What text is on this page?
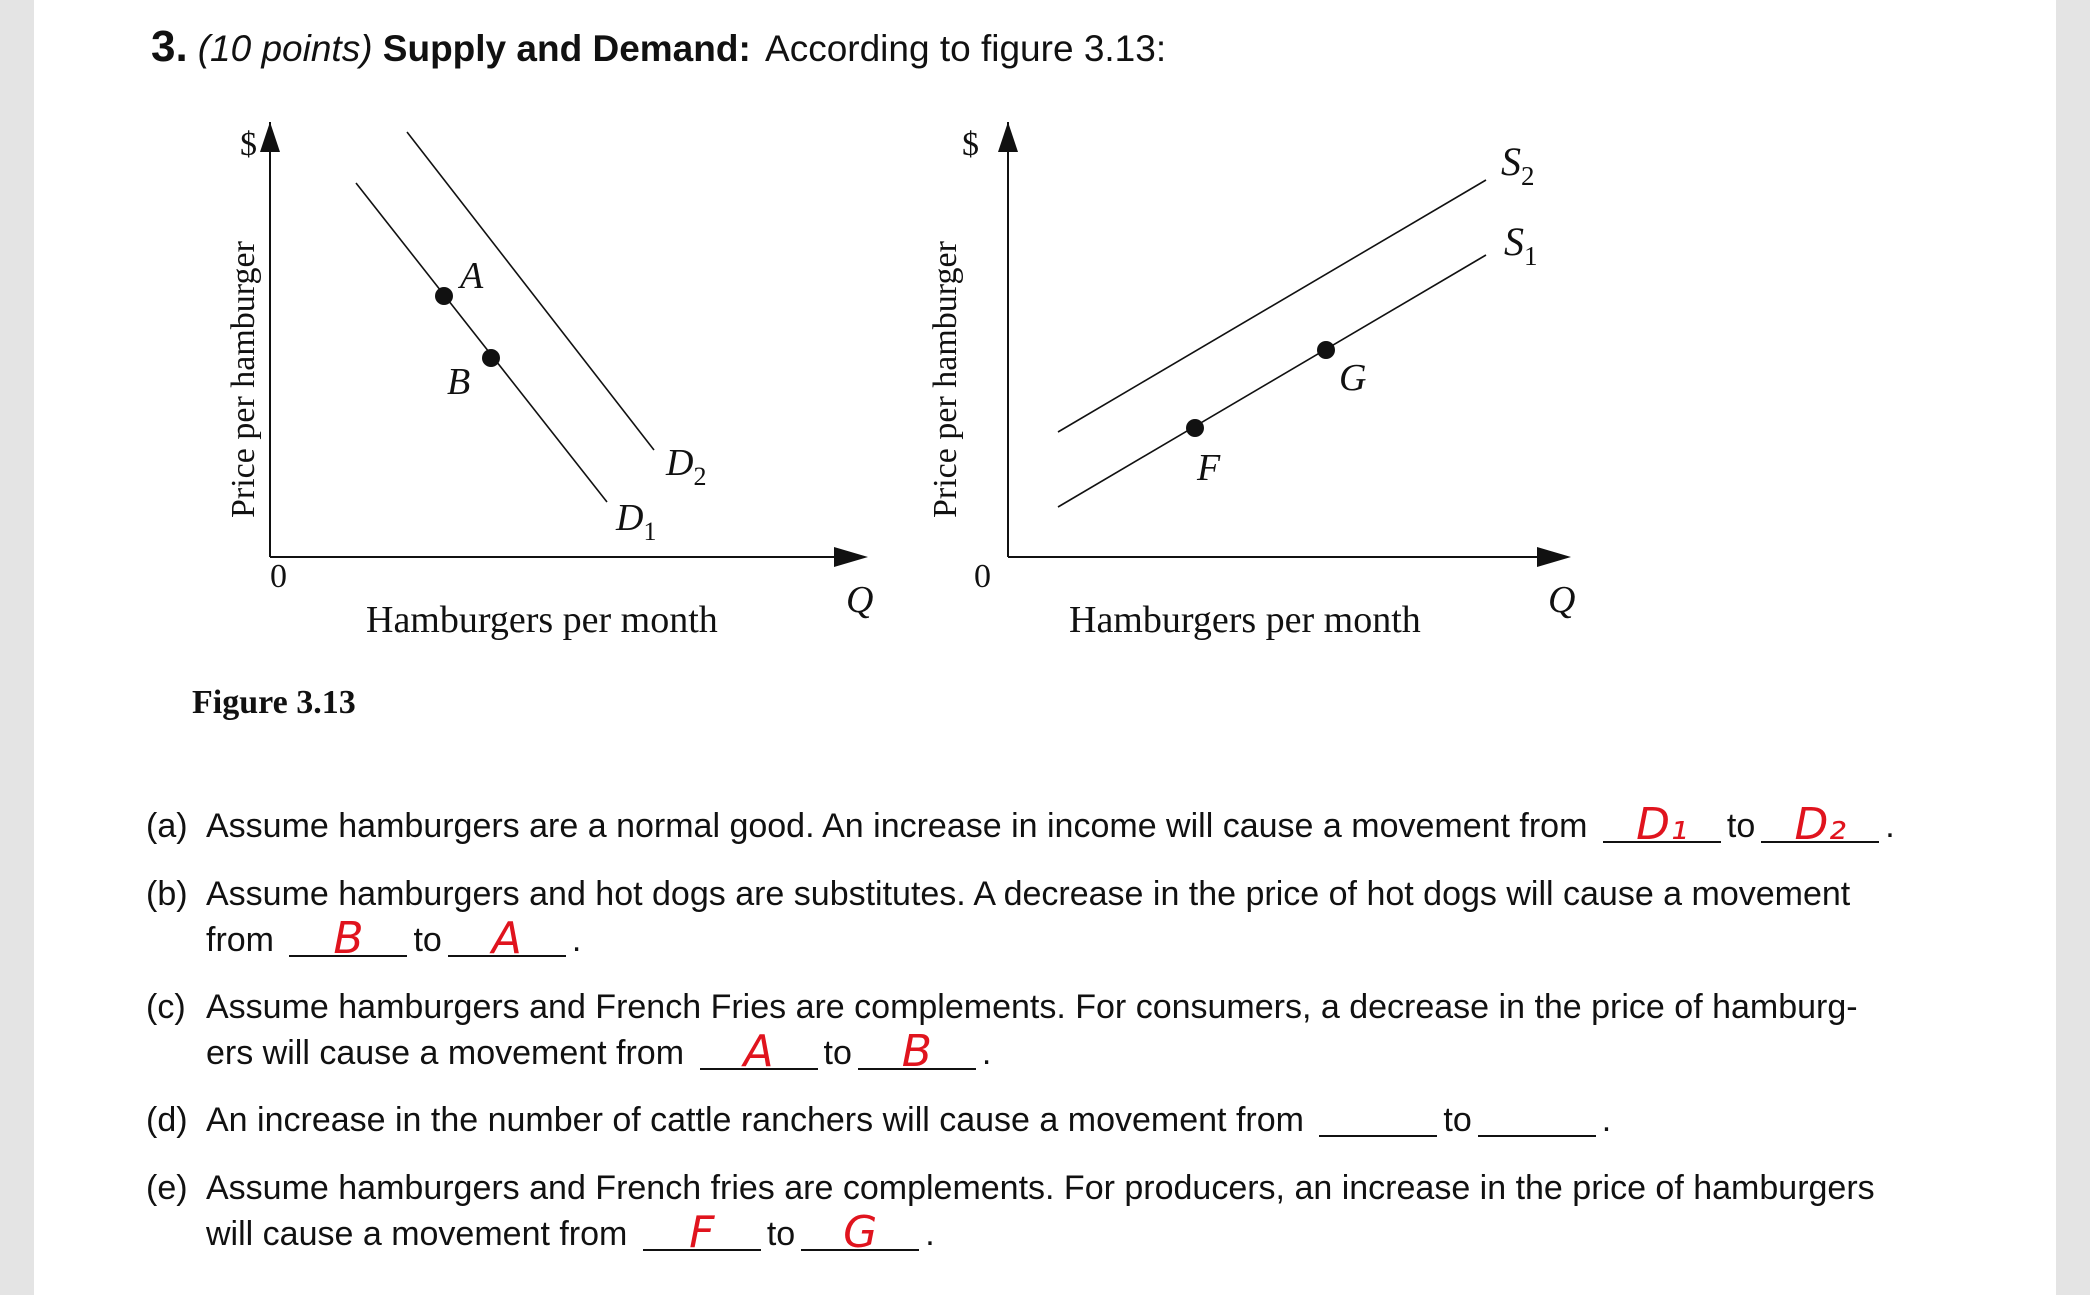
3. (10 points) Supply and Demand: According to figure 3.13:
$
Price per hamburger
0
Hamburgers per month	Q
$D_1$
$D_2$
A
B
$
Price per hamburger
0
Hamburgers per month	Q
$S_2$
$S_1$
F
G
Figure 3.13
(a) Assume hamburgers are a normal good. An increase in income will cause a movement from	D₁	to D₂	.
(b) Assume hamburgers and hot dogs are substitutes. A decrease in the price of hot dogs will cause a movement
from	B	to	A	.
(c) Assume hamburgers and French Fries are complements. For consumers, a decrease in the price of hamburg-
ers will cause a movement from	A	to	B	.
(d) An increase in the number of cattle ranchers will cause a movement from	to	.
(e) Assume hamburgers and French fries are complements. For producers, an increase in the price of hamburgers
will cause a movement from	F	to	G	.
